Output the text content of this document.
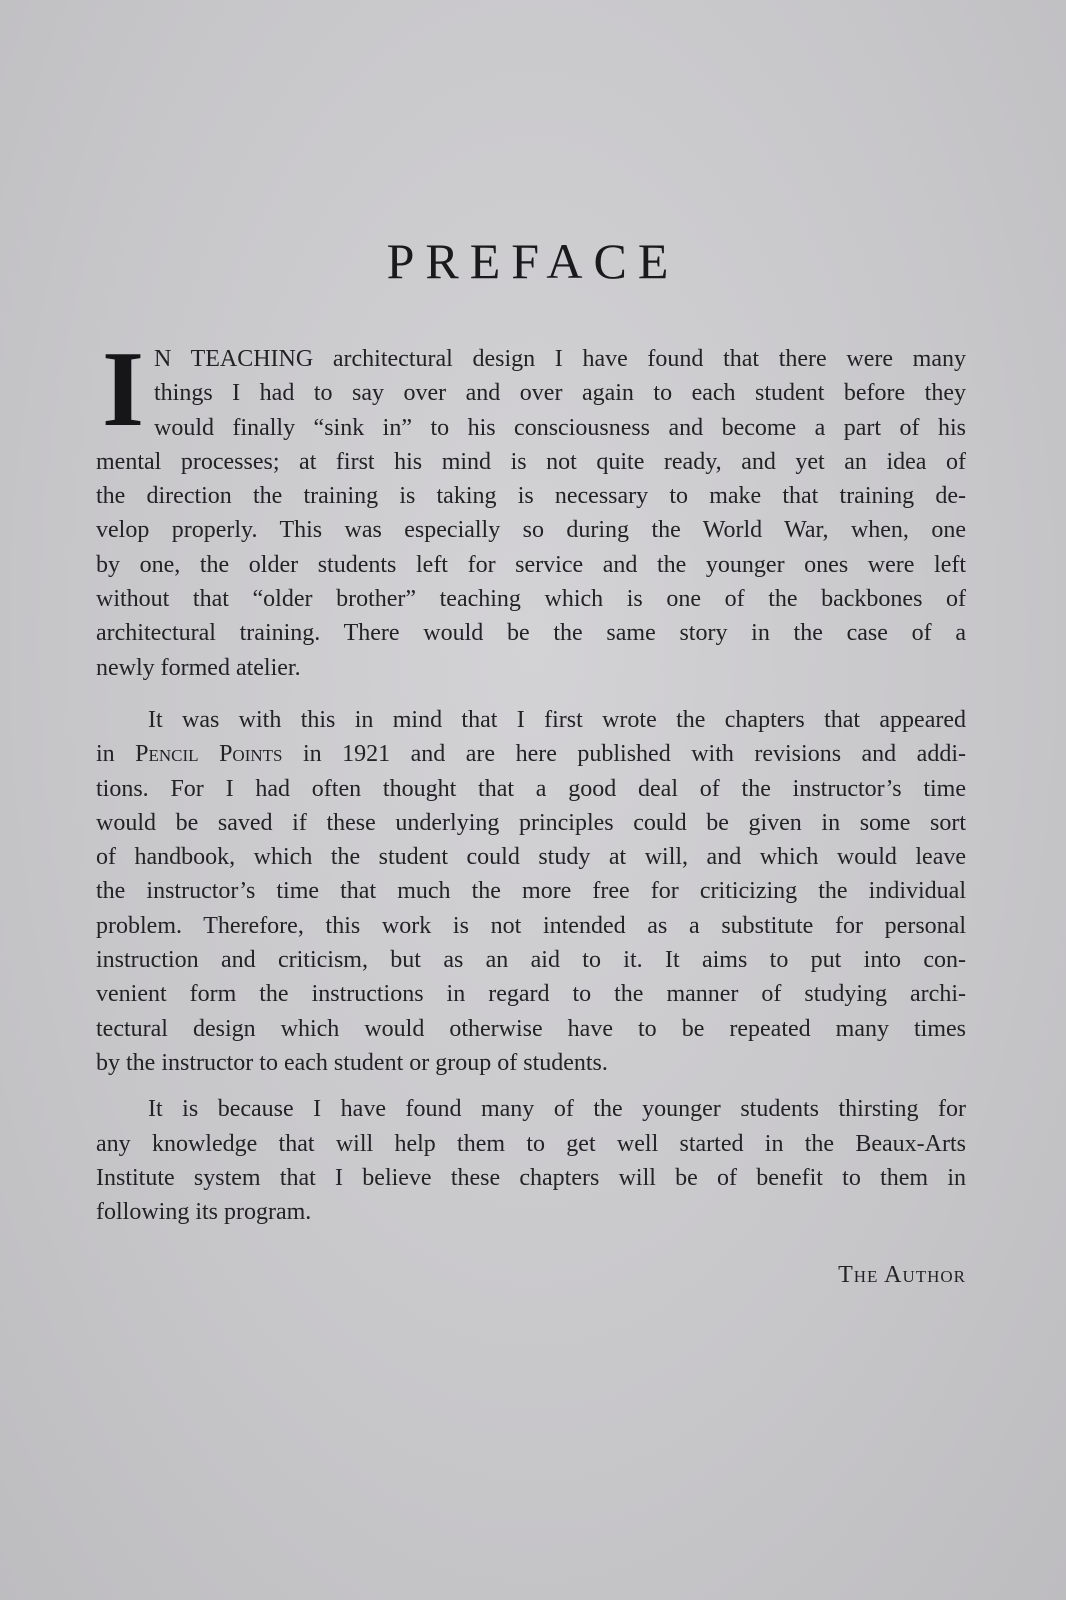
PREFACE
I N TEACHING architectural design I have found that there were many
things I had to say over and over again to each student before they
would finally “sink in” to his consciousness and become a part of his
mental processes; at first his mind is not quite ready, and yet an idea of
the direction the training is taking is necessary to make that training de-
velop properly. This was especially so during the World War, when, one
by one, the older students left for service and the younger ones were left
without that “older brother” teaching which is one of the backbones of
architectural training. There would be the same story in the case of a
newly formed atelier.
It was with this in mind that I first wrote the chapters that appeared
in Pencil Points in 1921 and are here published with revisions and addi-
tions. For I had often thought that a good deal of the instructor’s time
would be saved if these underlying principles could be given in some sort
of handbook, which the student could study at will, and which would leave
the instructor’s time that much the more free for criticizing the individual
problem. Therefore, this work is not intended as a substitute for personal
instruction and criticism, but as an aid to it. It aims to put into con-
venient form the instructions in regard to the manner of studying archi-
tectural design which would otherwise have to be repeated many times
by the instructor to each student or group of students.
It is because I have found many of the younger students thirsting for
any knowledge that will help them to get well started in the Beaux-Arts
Institute system that I believe these chapters will be of benefit to them in
following its program.
The Author
